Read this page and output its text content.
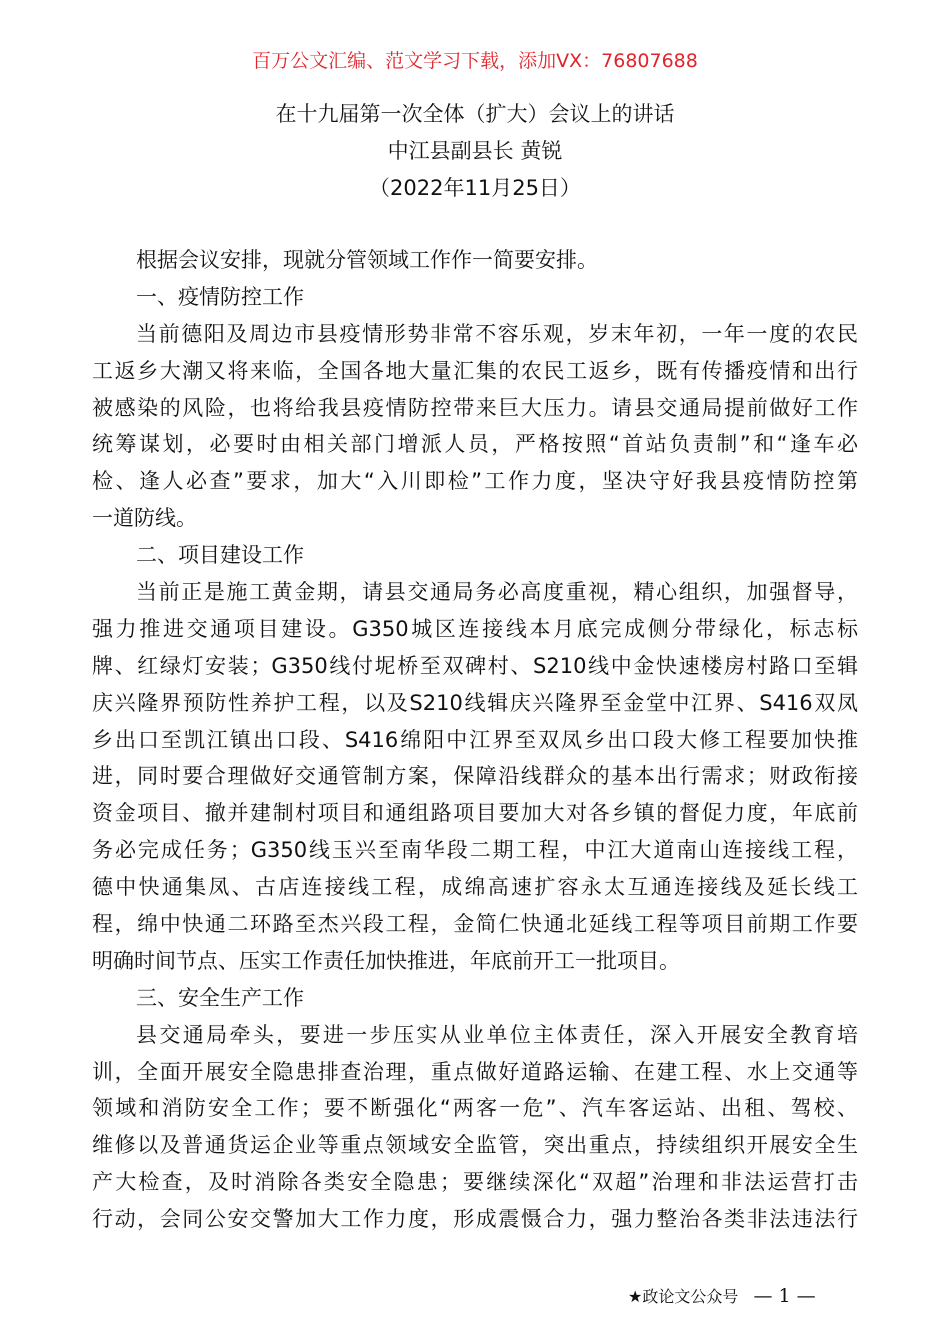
百万公文汇编、范文学习下载，添加VX：76807688
在十九届第一次全体（扩大）会议上的讲话
中江县副县长 黄锐
（2022年11月25日）
根据会议安排，现就分管领域工作作一简要安排。
一、疫情防控工作
当前德阳及周边市县疫情形势非常不容乐观，岁末年初，一年一度的农民
工返乡大潮又将来临，全国各地大量汇集的农民工返乡，既有传播疫情和出行
被感染的风险，也将给我县疫情防控带来巨大压力。请县交通局提前做好工作
统筹谋划，必要时由相关部门增派人员，严格按照“首站负责制”和“逢车必
检、逢人必查”要求，加大“入川即检”工作力度，坚决守好我县疫情防控第
一道防线。
二、项目建设工作
当前正是施工黄金期，请县交通局务必高度重视，精心组织，加强督导，
强力推进交通项目建设。G350城区连接线本月底完成侧分带绿化，标志标
牌、红绿灯安装；G350线付坭桥至双碑村、S210线中金快速楼房村路口至辑
庆兴隆界预防性养护工程，以及S210线辑庆兴隆界至金堂中江界、S416双凤
乡出口至凯江镇出口段、S416绵阳中江界至双凤乡出口段大修工程要加快推
进，同时要合理做好交通管制方案，保障沿线群众的基本出行需求；财政衔接
资金项目、撤并建制村项目和通组路项目要加大对各乡镇的督促力度，年底前
务必完成任务；G350线玉兴至南华段二期工程，中江大道南山连接线工程，
德中快通集凤、古店连接线工程，成绵高速扩容永太互通连接线及延长线工
程，绵中快通二环路至杰兴段工程，金简仁快通北延线工程等项目前期工作要
明确时间节点、压实工作责任加快推进，年底前开工一批项目。
三、安全生产工作
县交通局牵头，要进一步压实从业单位主体责任，深入开展安全教育培
训，全面开展安全隐患排查治理，重点做好道路运输、在建工程、水上交通等
领域和消防安全工作；要不断强化“两客一危”、汽车客运站、出租、驾校、
维修以及普通货运企业等重点领域安全监管，突出重点，持续组织开展安全生
产大检查，及时消除各类安全隐患；要继续深化“双超”治理和非法运营打击
行动，会同公安交警加大工作力度，形成震慑合力，强力整治各类非法违法行
★政论文公众号 — 1 —
